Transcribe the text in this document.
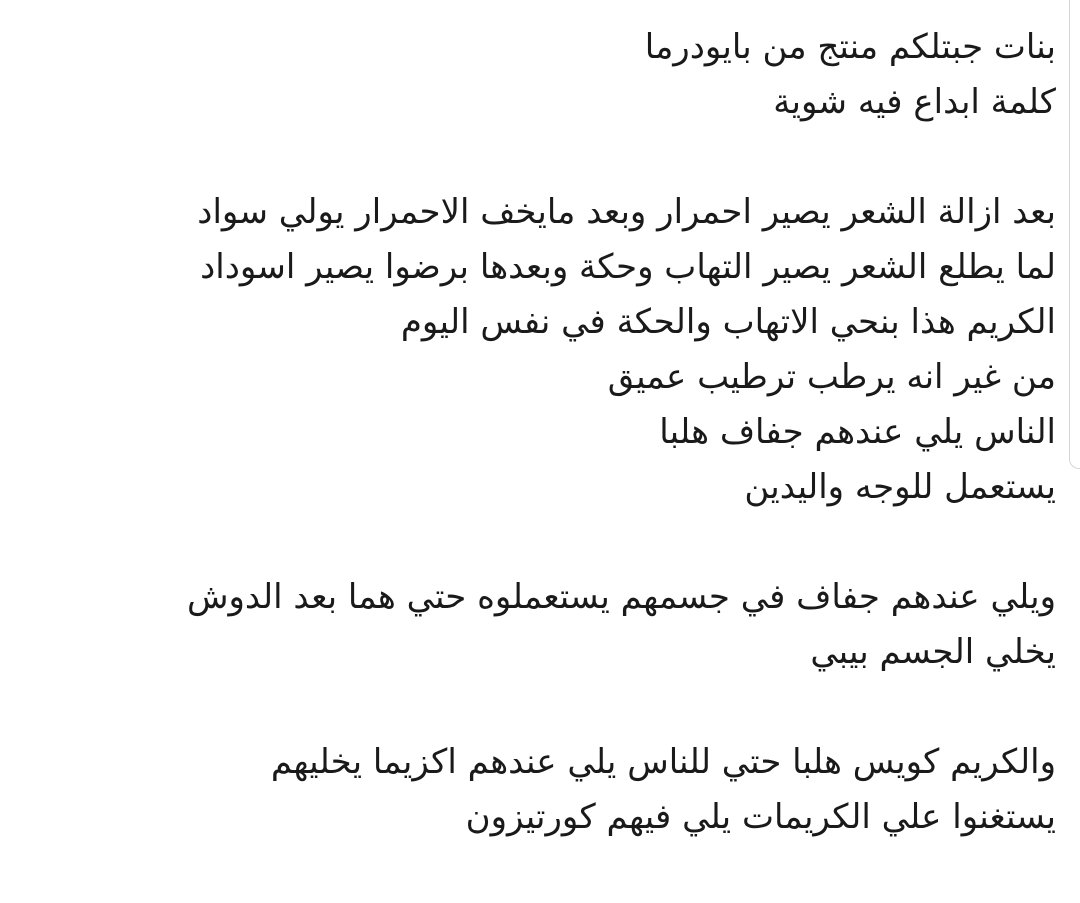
بنات جبتلكم منتج من بايودرما
كلمة ابداع فيه شوية
بعد ازالة الشعر يصير احمرار وبعد مايخف الاحمرار يولي سواد
لما يطلع الشعر يصير التهاب وحكة وبعدها برضوا يصير اسوداد
الكريم هذا بنحي الاتهاب والحكة في نفس اليوم
من غير انه يرطب ترطيب عميق
الناس يلي عندهم جفاف هلبا
يستعمل للوجه واليدين
ويلي عندهم جفاف في جسمهم يستعملوه حتي هما بعد الدوش
يخلي الجسم بيبي
والكريم كويس هلبا حتي للناس يلي عندهم اكزيما يخليهم
يستغنوا علي الكريمات يلي فيهم كورتيزون
